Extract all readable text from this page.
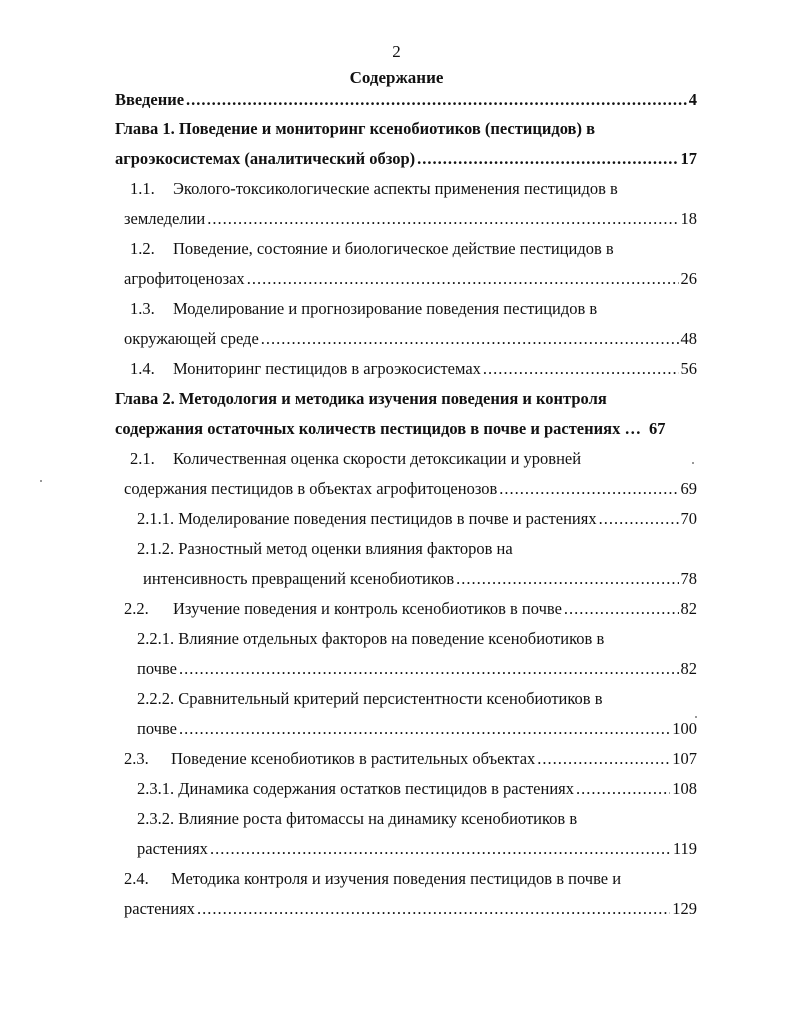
2
Содержание
Введение .....	4
Глава 1. Поведение и мониторинг ксенобиотиков (пестицидов) в
агроэкосистемах (аналитический обзор) .....	17
1.1.	Эколого-токсикологические аспекты применения пестицидов в
земледелии .....	18
1.2.	Поведение, состояние и биологическое действие пестицидов в
агрофитоценозах .....	26
1.3.	Моделирование и прогнозирование поведения пестицидов в
окружающей среде .....	48
1.4.	Мониторинг пестицидов в агроэкосистемах .....	56
Глава 2. Методология и методика изучения поведения и контроля
содержания остаточных количеств пестицидов в почве и растениях … 67
2.1.	Количественная оценка скорости детоксикации и уровней
содержания пестицидов в объектах агрофитоценозов .....	69
2.1.1. Моделирование поведения пестицидов в почве и растениях .....	70
2.1.2. Разностный метод оценки влияния факторов на
интенсивность превращений ксенобиотиков .....	78
2.2.	Изучение поведения и контроль ксенобиотиков в почве .....	82
2.2.1. Влияние отдельных факторов на поведение ксенобиотиков в
почве .....	82
2.2.2. Сравнительный критерий персистентности ксенобиотиков в
почве .....	100
2.3.	Поведение ксенобиотиков в растительных объектах .....	107
2.3.1. Динамика содержания остатков пестицидов в растениях .....	108
2.3.2. Влияние роста фитомассы на динамику ксенобиотиков в
растениях .....	119
2.4.	Методика контроля и изучения поведения пестицидов в почве и
растениях .....	129
